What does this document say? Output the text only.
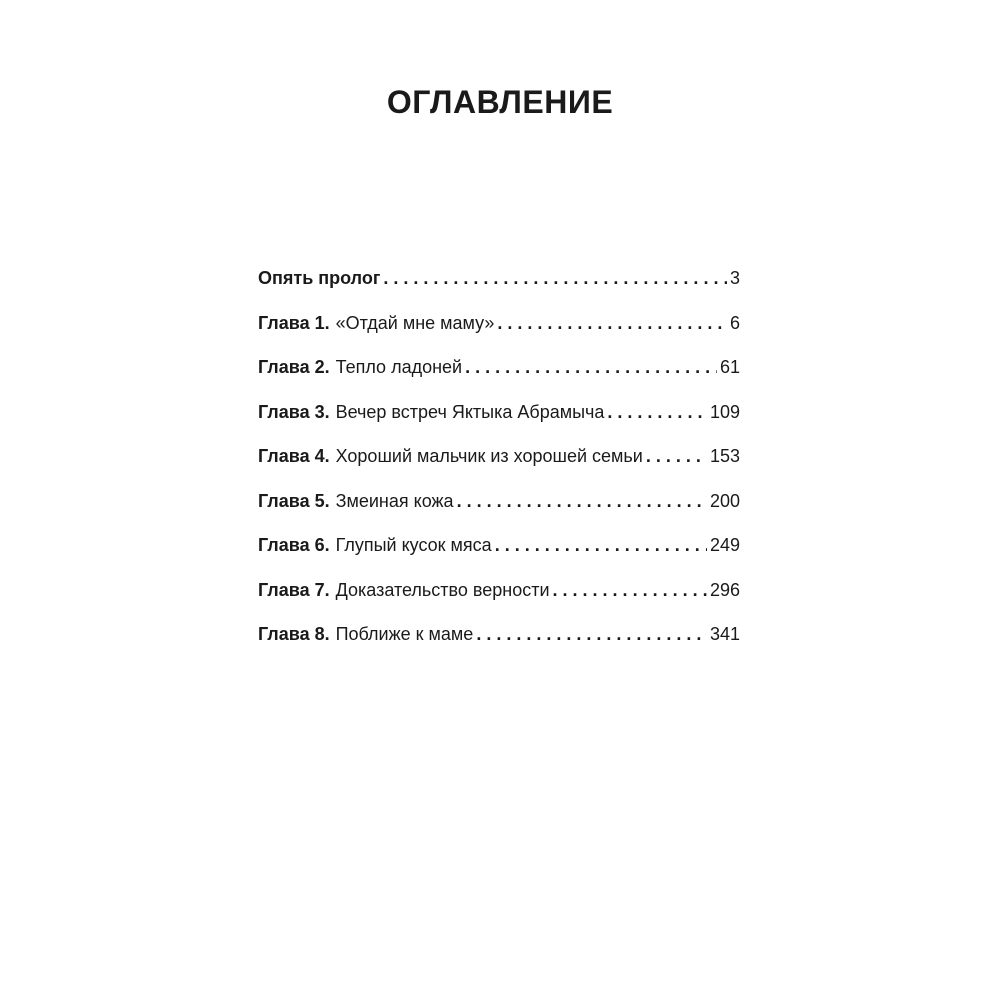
ОГЛАВЛЕНИЕ
Опять пролог . . .	3
Глава 1. «Отдай мне маму» . . .	6
Глава 2. Тепло ладоней . . .	61
Глава 3. Вечер встреч Яктыка Абрамыча . . .	109
Глава 4. Хороший мальчик из хорошей семьи . . .	153
Глава 5. Змеиная кожа . . .	200
Глава 6. Глупый кусок мяса . . .	249
Глава 7. Доказательство верности . . .	296
Глава 8. Поближе к маме . . .	341
